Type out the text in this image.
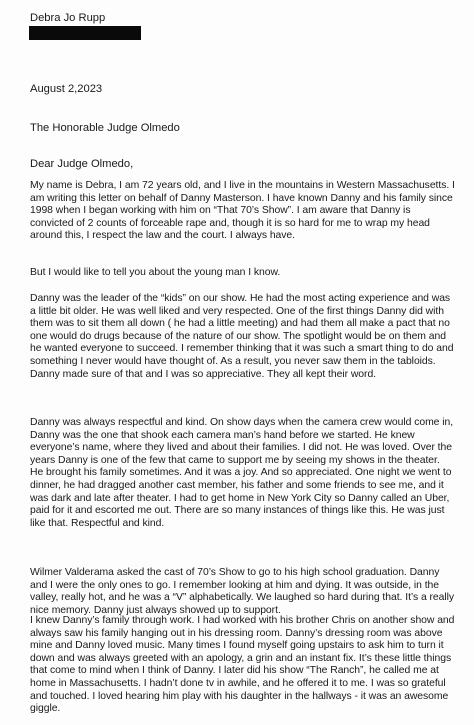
Debra Jo Rupp
August 2,2023
The Honorable Judge Olmedo
Dear Judge Olmedo,

My name is Debra, I am 72 years old, and I live in the mountains in Western Massachusetts. I am writing this letter on behalf of Danny Masterson. I have known Danny and his family since 1998 when I began working with him on “That 70’s Show”. I am aware that Danny is convicted of 2 counts of forceable rape and, though it is so hard for me to wrap my head around this, I respect the law and the court. I always have.

But I would like to tell you about the young man I know.

Danny was the leader of the “kids” on our show. He had the most acting experience and was a little bit older. He was well liked and very respected. One of the first things Danny did with them was to sit them all down ( he had a little meeting) and had them all make a pact that no one would do drugs because of the nature of our show. The spotlight would be on them and he wanted everyone to succeed. I remember thinking that it was such a smart thing to do and something I never would have thought of. As a result, you never saw them in the tabloids. Danny made sure of that and I was so appreciative. They all kept their word.

Danny was always respectful and kind. On show days when the camera crew would come in, Danny was the one that shook each camera man’s hand before we started. He knew everyone’s name, where they lived and about their families. I did not. He was loved. Over the years Danny is one of the few that came to support me by seeing my shows in the theater. He brought his family sometimes. And it was a joy. And so appreciated. One night we went to dinner, he had dragged another cast member, his father and some friends to see me, and it was dark and late after theater. I had to get home in New York City so Danny called an Uber, paid for it and escorted me out. There are so many instances of things like this. He was just like that. Respectful and kind.

Wilmer Valderama asked the cast of 70’s Show to go to his high school graduation. Danny and I were the only ones to go. I remember looking at him and dying. It was outside, in the valley, really hot, and he was a “V” alphabetically. We laughed so hard during that. It’s a really nice memory. Danny just always showed up to support.

I knew Danny’s family through work. I had worked with his brother Chris on another show and always saw his family hanging out in his dressing room. Danny’s dressing room was above mine and Danny loved music. Many times I found myself going upstairs to ask him to turn it down and was always greeted with an apology, a grin and an instant fix. It’s these little things that come to mind when I think of Danny. I later did his show “The Ranch”, he called me at home in Massachusetts. I hadn’t done tv in awhile, and he offered it to me. I was so grateful and touched. I loved hearing him play with his daughter in the hallways - it was an awesome giggle.
